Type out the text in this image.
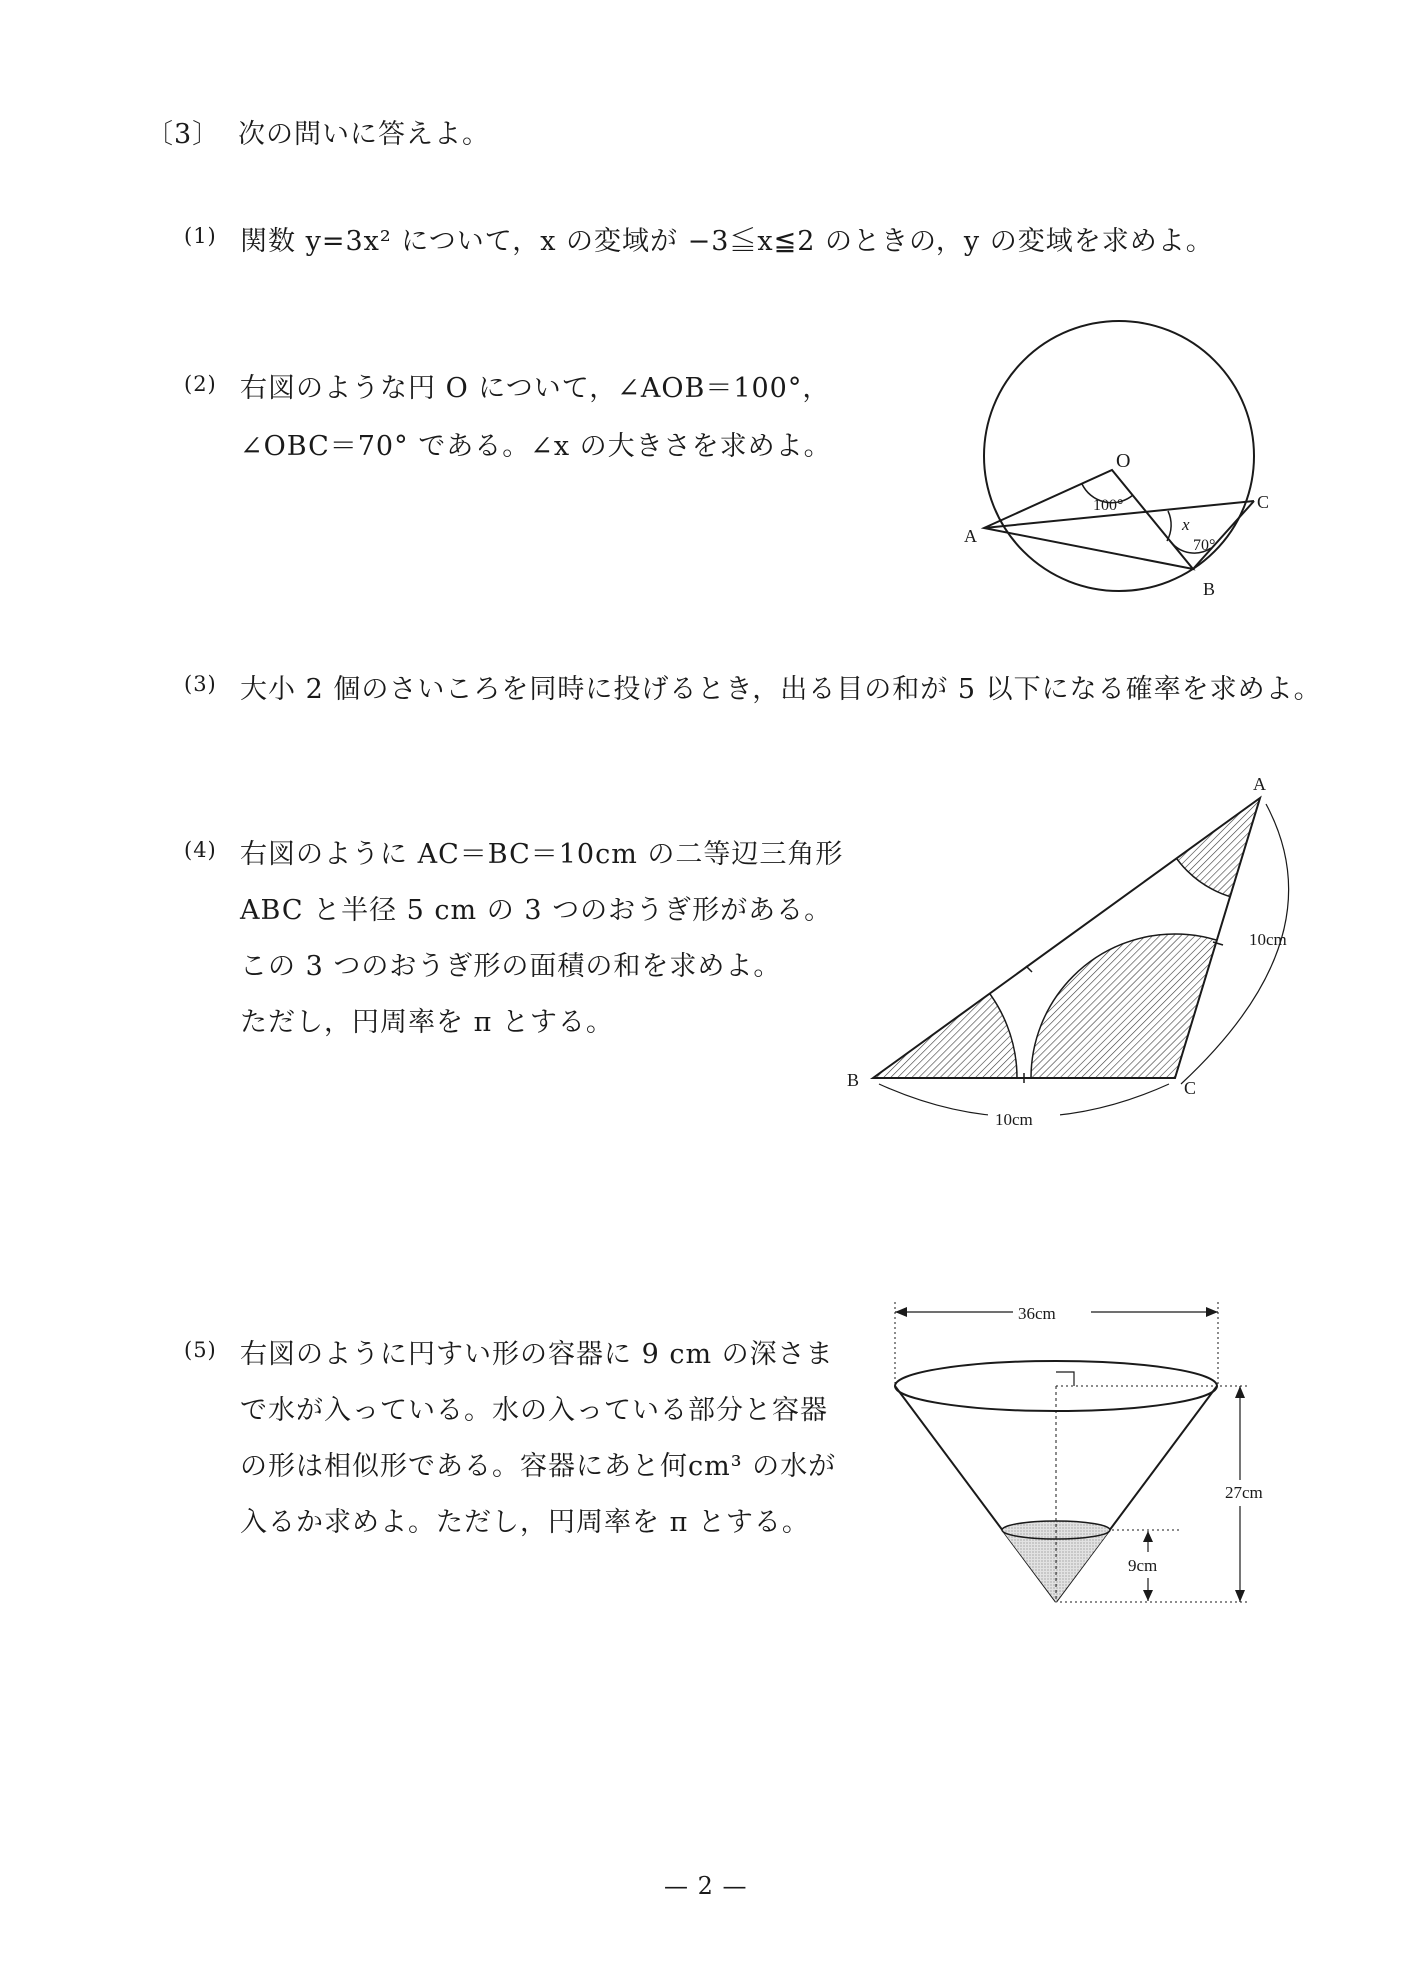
〔3〕 次の問いに答えよ。
(1) 関数 y=3x² について，x の変域が −3≦x≦2 のときの，y の変域を求めよ。
(2) 右図のような円 O について，∠AOB＝100°，
∠OBC＝70° である。∠x の大きさを求めよ。	O
A
B
C
100°
x
70°
(3) 大小 2 個のさいころを同時に投げるとき，出る目の和が 5 以下になる確率を求めよ。
(4) 右図のように AC＝BC＝10cm の二等辺三角形
ABC と半径 5 cm の 3 つのおうぎ形がある。
この 3 つのおうぎ形の面積の和を求めよ。
ただし，円周率を π とする。
A
B	C
10cm
10cm
(5) 右図のように円すい形の容器に 9 cm の深さま
で水が入っている。水の入っている部分と容器
の形は相似形である。容器にあと何cm³ の水が
入るか求めよ。ただし，円周率を π とする。
36cm
27cm
9cm
— 2 —
